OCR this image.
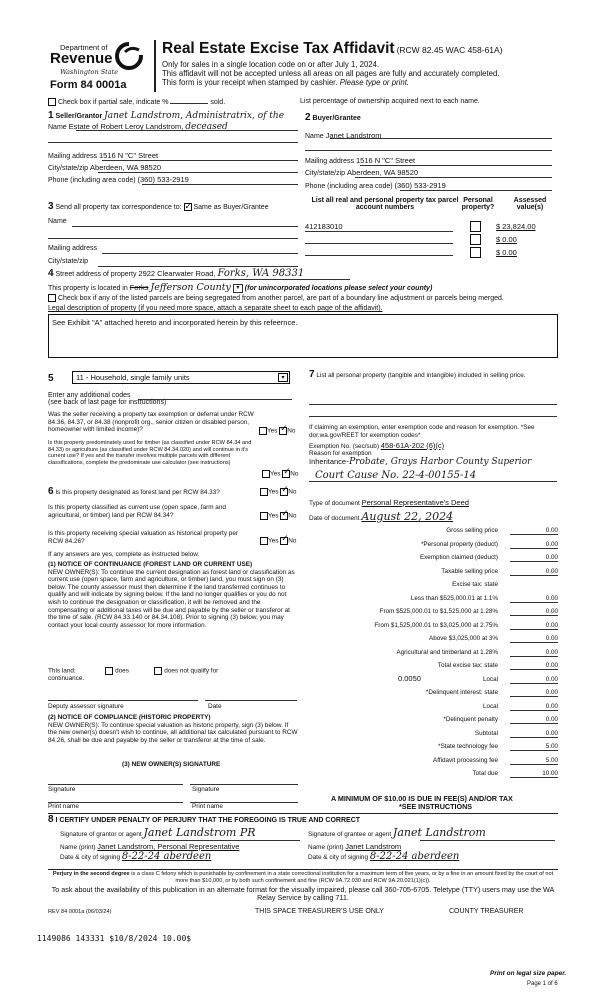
Department of
Revenue
Washington State
Form 84 0001a
Real Estate Excise Tax Affidavit (RCW 82.45 WAC 458-61A)
Only for sales in a single location code on or after July 1, 2024.
This affidavit will not be accepted unless all areas on all pages are fully and accurately completed.
This form is your receipt when stamped by cashier. Please type or print.
Check box if partial sale, indicate %	sold.	List percentage of ownership acquired next to each name.
1 Seller/Grantor Janet Landstrom, Administratrix, of the
Name Estate of Robert Leroy Landstrom, deceased
Mailing address 1516 N "C" Street
City/state/zip Aberdeen, WA 98520
Phone (including area code) (360) 533-2919
2 Buyer/Grantee
Name Janet Landstrom
Mailing address 1516 N "C" Street
City/state/zip Aberdeen, WA 98520
Phone (including area code) (360) 533-2919
3 Send all property tax correspondence to: ✓ Same as Buyer/Grantee
Name
Mailing address
City/state/zip
List all real and personal property tax parcel account numbers
Personal property?
Assessed value(s)
412183010	$ 23,824.00
$ 0.00
$ 0.00
4 Street address of property 2922 Clearwater Road, Forks, WA 98331
This property is located in Forks Jefferson County ▾ (for unincorporated locations please select your county)
Check box if any of the listed parcels are being segregated from another parcel, are part of a boundary line adjustment or parcels being merged.
Legal description of property (if you need more space, attach a separate sheet to each page of the affidavit).
See Exhibit "A" attached hereto and incorporated herein by this refeernce.
5	11 - Household, single family units	▾
Enter any additional codes
(see back of last page for instructions)
Was the seller receiving a property tax exemption or deferral under RCW 84.36, 84.37, or 84.38 (nonprofit org., senior citizen or disabled person, homeowner with limited income)?	Yes ✓ No
Is this property predominately used for timber (as classified under RCW 84.34 and 84.33) or agriculture (as classified under RCW 84.34.020) and will continue in it's current use? If yes and the transfer involves multiple parcels with different classifications, complete the predominate use calculator (see instructions)
Yes ✓ No
6 Is this property designated as forest land per RCW 84.33?	Yes ✓ No
Is this property classified as current use (open space, farm and agricultural, or timber) land per RCW 84.34?	Yes ✓ No
Is this property receiving special valuation as historical property per RCW 84.26?	Yes ✓ No
If any answers are yes, complete as instructed below.
(1) NOTICE OF CONTINUANCE (FOREST LAND OR CURRENT USE)
NEW OWNER(S): To continue the current designation as forest land or classification as current use (open space, farm and agriculture, or timber) land, you must sign on (3) below. The county assessor must then determine if the land transferred continues to qualify and will indicate by signing below. If the land no longer qualifies or you do not wish to continue the designation or classification, it will be removed and the compensating or additional taxes will be due and payable by the seller or transferor at the time of sale. (RCW 84.33.140 or 84.34.108). Prior to signing (3) below, you may contact your local county assessor for more information.
This land:	does	does not qualify for
continuance.
Deputy assessor signature	Date
(2) NOTICE OF COMPLIANCE (HISTORIC PROPERTY)
NEW OWNER(S): To continue special valuation as historic property, sign (3) below. If the new owner(s) doesn't wish to continue, all additional tax calculated pursuant to RCW 84.26, shall be due and payable by the seller or transferor at the time of sale.
(3) NEW OWNER(S) SIGNATURE
Signature	Signature
Print name	Print name
7 List all personal property (tangible and intangible) included in selling price.
If claiming an exemption, enter exemption code and reason for exemption. *See dor.wa.gov/REET for exemption codes*
Exemption No. (sec/sub) 458-61A-202 (6)(c)
Reason for exemption
Inheritance-Probate, Grays Harbor County Superior
Court Cause No. 22-4-00155-14
Type of document Personal Representative's Deed
Date of document August 22, 2024
Gross selling price	0.00
*Personal property (deduct)	0.00
Exemption claimed (deduct)	0.00
Taxable selling price	0.00
Excise tax: state
Less than $525,000.01 at 1.1%	0.00
From $525,000.01 to $1,525,000 at 1.28%	0.00
From $1,525,000.01 to $3,025,000 at 2.75%	0.00
Above $3,025,000 at 3%	0.00
Agricultural and timberland at 1.28%	0.00
Total excise tax: state	0.00
Local	0.00
*Delinquent interest: state	0.00
Local	0.00
*Delinquent penalty	0.00
Subtotal	0.00
*State technology fee	5.00
Affidavit processing fee	5.00
Total due	10.00
0.0050
A MINIMUM OF $10.00 IS DUE IN FEE(S) AND/OR TAX
*SEE INSTRUCTIONS
8 I CERTIFY UNDER PENALTY OF PERJURY THAT THE FOREGOING IS TRUE AND CORRECT
Signature of grantor or agent Janet Landstrom PR
Name (print) Janet Landstrom, Personal Representative
Date & city of signing 8-22-24 aberdeen
Signature of grantee or agent Janet Landstrom
Name (print) Janet Landstrom
Date & city of signing 8-22-24 aberdeen
Perjury in the second degree is a class C felony which is punishable by confinement in a state correctional institution for a maximum term of five years, or by a fine in an amount fixed by the court of not more than $10,000, or by both such confinement and fine (RCW 9A.72.030 and RCW 9A.20.021(1)(c)).
To ask about the availability of this publication in an alternate format for the visually impaired, please call 360-705-6705. Teletype (TTY) users may use the WA Relay Service by calling 711.
REV 84 0001a (06/03/24)	THIS SPACE TREASURER'S USE ONLY	COUNTY TREASURER
1149086 143331 $10/8/2024 10.00$
Print on legal size paper.
Page 1 of 6
